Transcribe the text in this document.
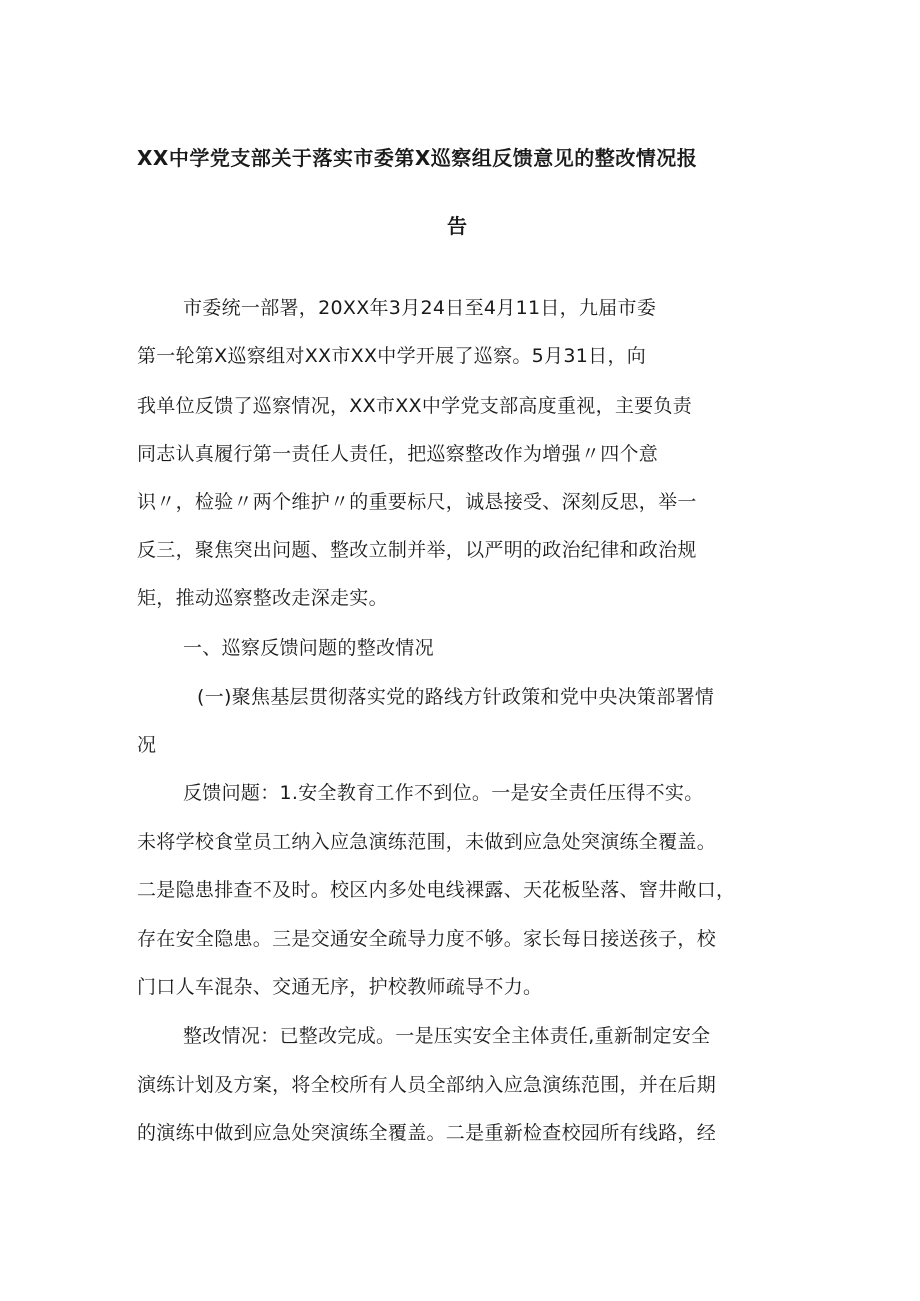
XX中学党支部关于落实市委第X巡察组反馈意见的整改情况报
告
市委统一部署，20XX年3月24日至4月11日，九届市委
第一轮第X巡察组对XX市XX中学开展了巡察。5月31日，向
我单位反馈了巡察情况，XX市XX中学党支部高度重视，主要负责
同志认真履行第一责任人责任，把巡察整改作为增强〃四个意
识〃，检验〃两个维护〃的重要标尺，诚恳接受、深刻反思，举一
反三，聚焦突出问题、整改立制并举，以严明的政治纪律和政治规
矩，推动巡察整改走深走实。
一、巡察反馈问题的整改情况
(一)聚焦基层贯彻落实党的路线方针政策和党中央决策部署情
况
反馈问题：1.安全教育工作不到位。一是安全责任压得不实。
未将学校食堂员工纳入应急演练范围，未做到应急处突演练全覆盖。
二是隐患排查不及时。校区内多处电线裸露、天花板坠落、窨井敞口，
存在安全隐患。三是交通安全疏导力度不够。家长每日接送孩子，校
门口人车混杂、交通无序，护校教师疏导不力。
整改情况：已整改完成。一是压实安全主体责任,重新制定安全
演练计划及方案，将全校所有人员全部纳入应急演练范围，并在后期
的演练中做到应急处突演练全覆盖。二是重新检查校园所有线路，经
